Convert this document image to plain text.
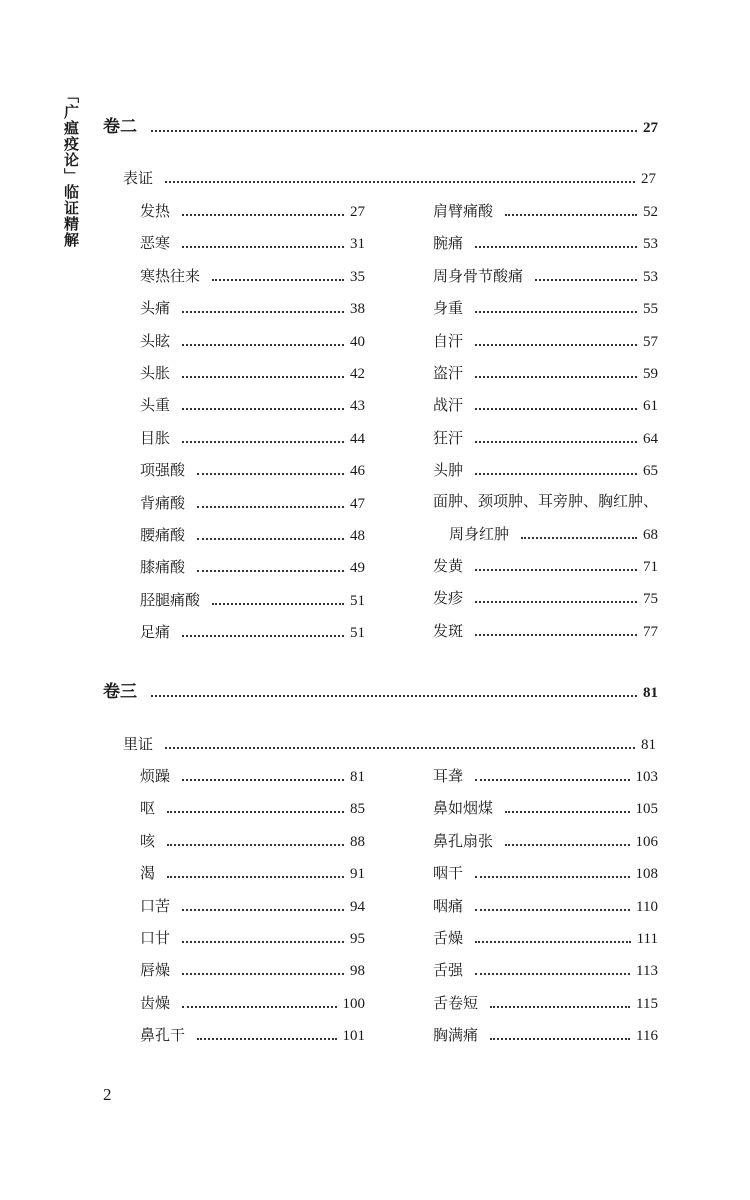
「广瘟疫论」临证精解 卷二	27
表证	27
发热	27
恶寒	31
寒热往来	35
头痛	38
头眩	40
头胀	42
头重	43
目胀	44
项强酸	46
背痛酸	47
腰痛酸	48
膝痛酸	49
胫腿痛酸	51
足痛	51
肩臂痛酸	52
腕痛	53
周身骨节酸痛	53
身重	55
自汗	57
盗汗	59
战汗	61
狂汗	64
头肿	65
面肿、颈项肿、耳旁肿、胸红肿、
周身红肿	68
发黄	71
发疹	75
发斑	77
卷三	81
里证	81
烦躁	81
呕	85
咳	88
渴	91
口苦	94
口甘	95
唇燥	98
齿燥	100
鼻孔干	101
耳聋	103
鼻如烟煤	105
鼻孔扇张	106
咽干	108
咽痛	110
舌燥	111
舌强	113
舌卷短	115
胸满痛	116
2
